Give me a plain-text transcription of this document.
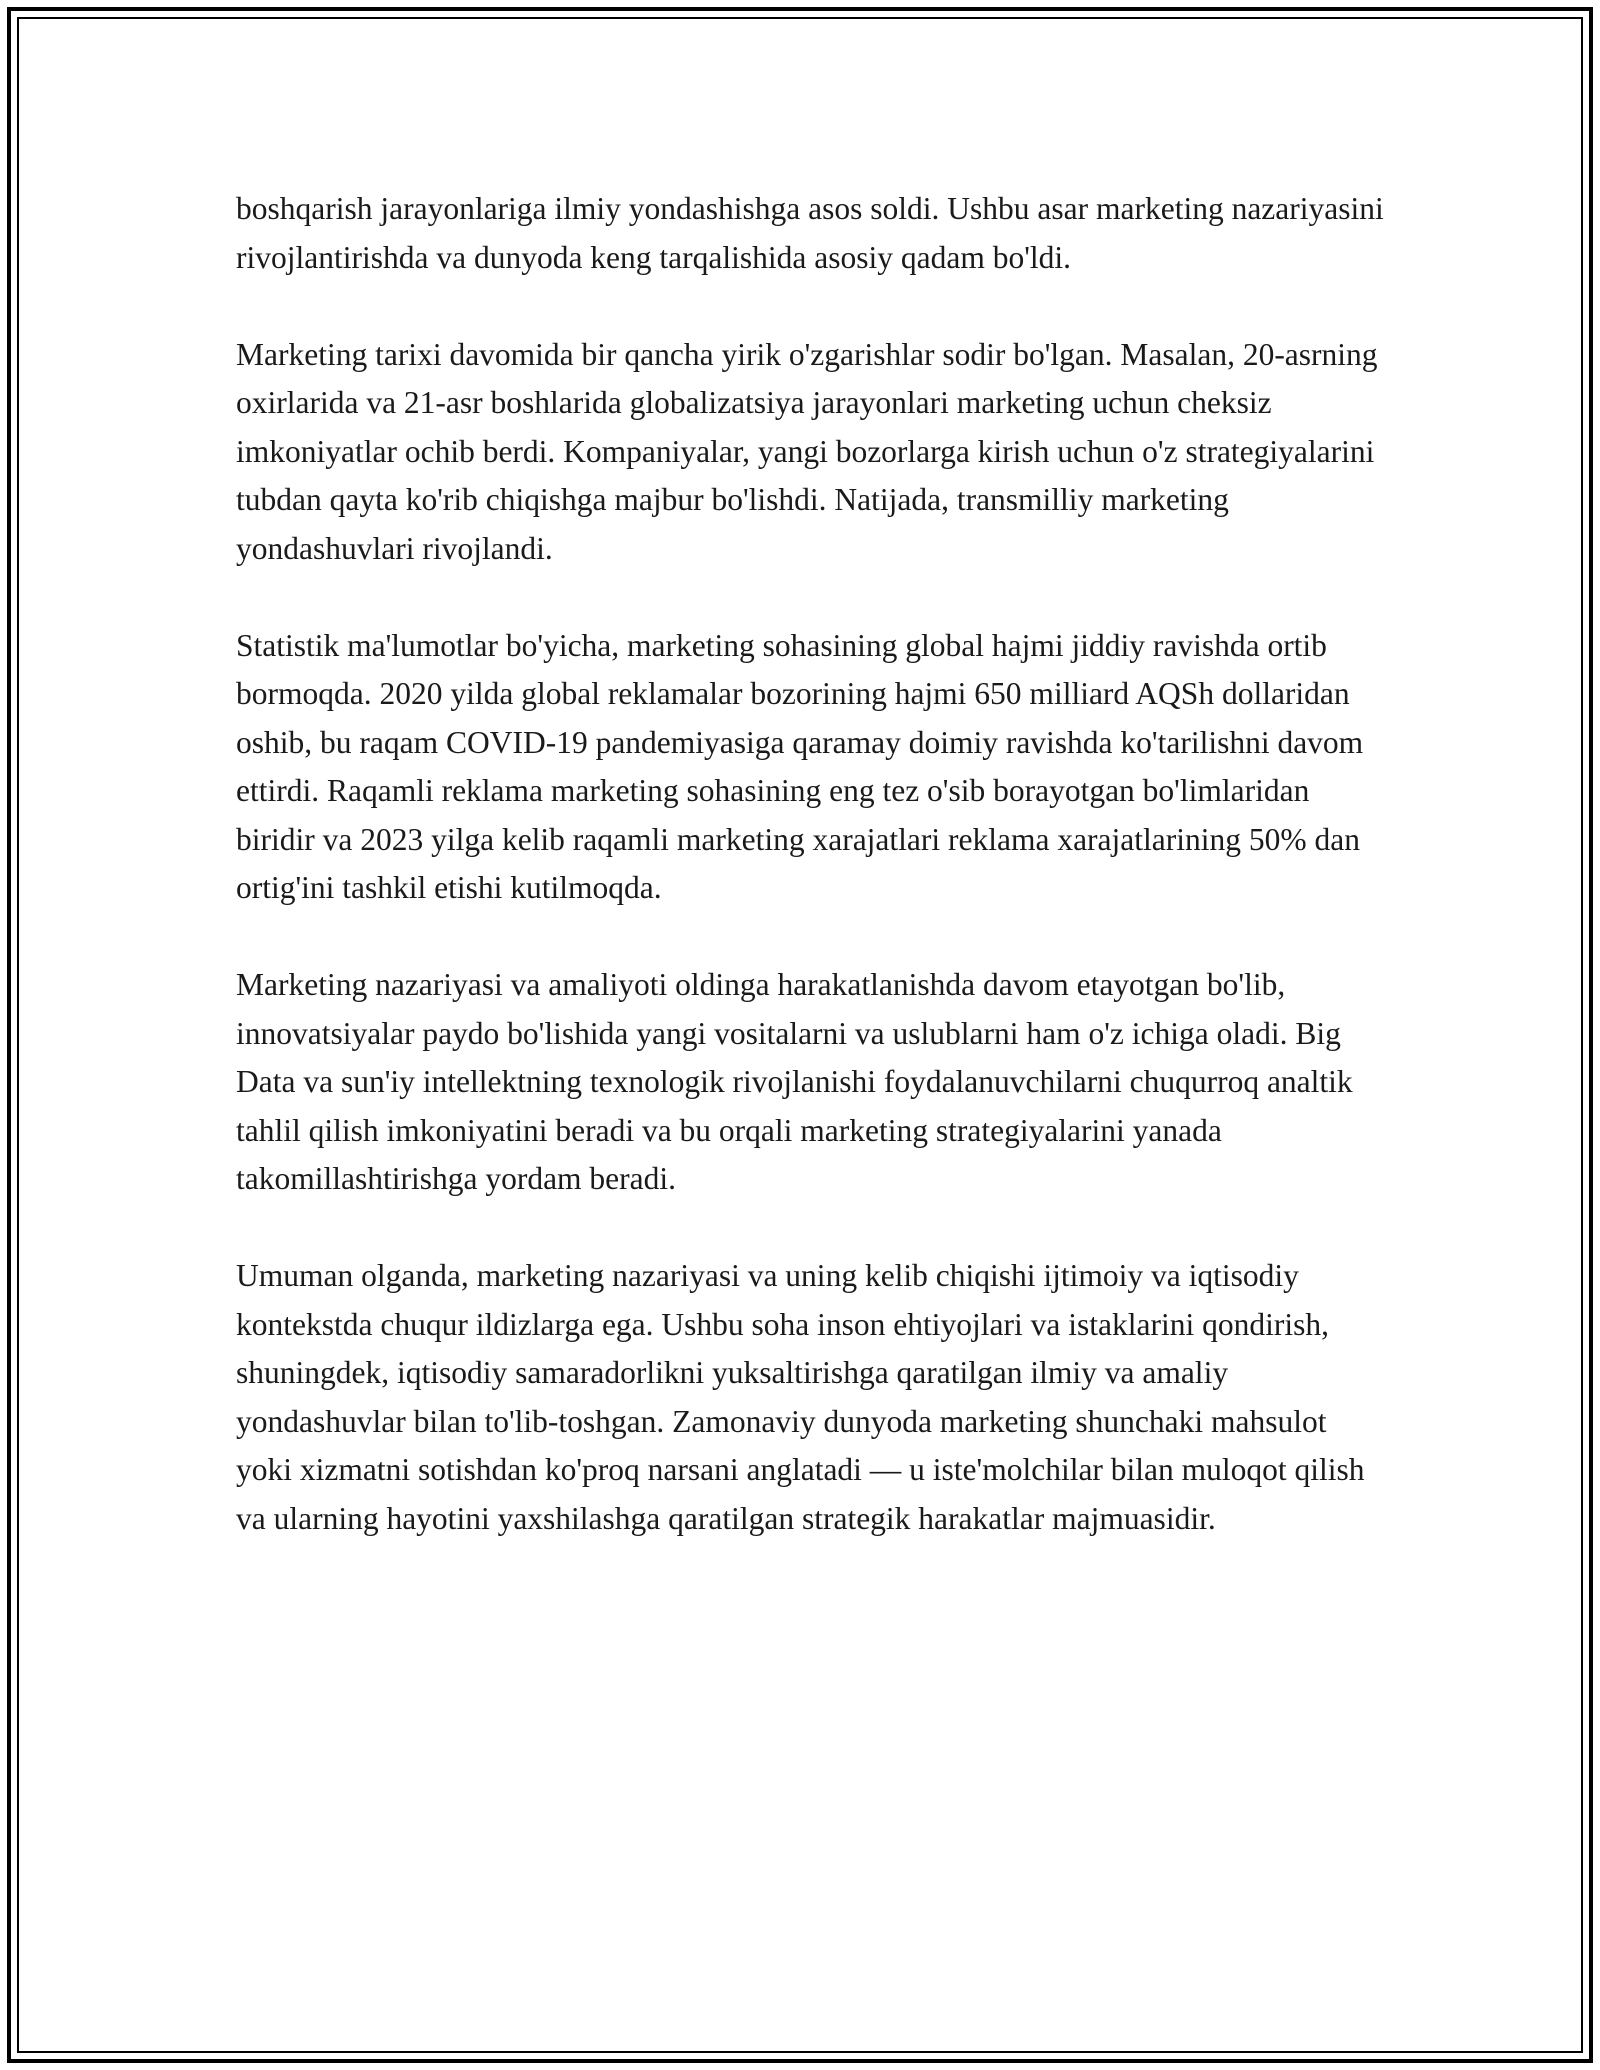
boshqarish jarayonlariga ilmiy yondashishga asos soldi. Ushbu asar marketing nazariyasini rivojlantirishda va dunyoda keng tarqalishida asosiy qadam bo'ldi.

Marketing tarixi davomida bir qancha yirik o'zgarishlar sodir bo'lgan. Masalan, 20-asrning oxirlarida va 21-asr boshlarida globalizatsiya jarayonlari marketing uchun cheksiz imkoniyatlar ochib berdi. Kompaniyalar, yangi bozorlarga kirish uchun o'z strategiyalarini tubdan qayta ko'rib chiqishga majbur bo'lishdi. Natijada, transmilliy marketing yondashuvlari rivojlandi.

Statistik ma'lumotlar bo'yicha, marketing sohasining global hajmi jiddiy ravishda ortib bormoqda. 2020 yilda global reklamalar bozorining hajmi 650 milliard AQSh dollaridan oshib, bu raqam COVID-19 pandemiyasiga qaramay doimiy ravishda ko'tarilishni davom ettirdi. Raqamli reklama marketing sohasining eng tez o'sib borayotgan bo'limlaridan biridir va 2023 yilga kelib raqamli marketing xarajatlari reklama xarajatlarining 50% dan ortig'ini tashkil etishi kutilmoqda.

Marketing nazariyasi va amaliyoti oldinga harakatlanishda davom etayotgan bo'lib, innovatsiyalar paydo bo'lishida yangi vositalarni va uslublarni ham o'z ichiga oladi. Big Data va sun'iy intellektning texnologik rivojlanishi foydalanuvchilarni chuqurroq analtik tahlil qilish imkoniyatini beradi va bu orqali marketing strategiyalarini yanada takomillashtirishga yordam beradi.

Umuman olganda, marketing nazariyasi va uning kelib chiqishi ijtimoiy va iqtisodiy kontekstda chuqur ildizlarga ega. Ushbu soha inson ehtiyojlari va istaklarini qondirish, shuningdek, iqtisodiy samaradorlikni yuksaltirishga qaratilgan ilmiy va amaliy yondashuvlar bilan to'lib-toshgan. Zamonaviy dunyoda marketing shunchaki mahsulot yoki xizmatni sotishdan ko'proq narsani anglatadi — u iste'molchilar bilan muloqot qilish va ularning hayotini yaxshilashga qaratilgan strategik harakatlar majmuasidir.
